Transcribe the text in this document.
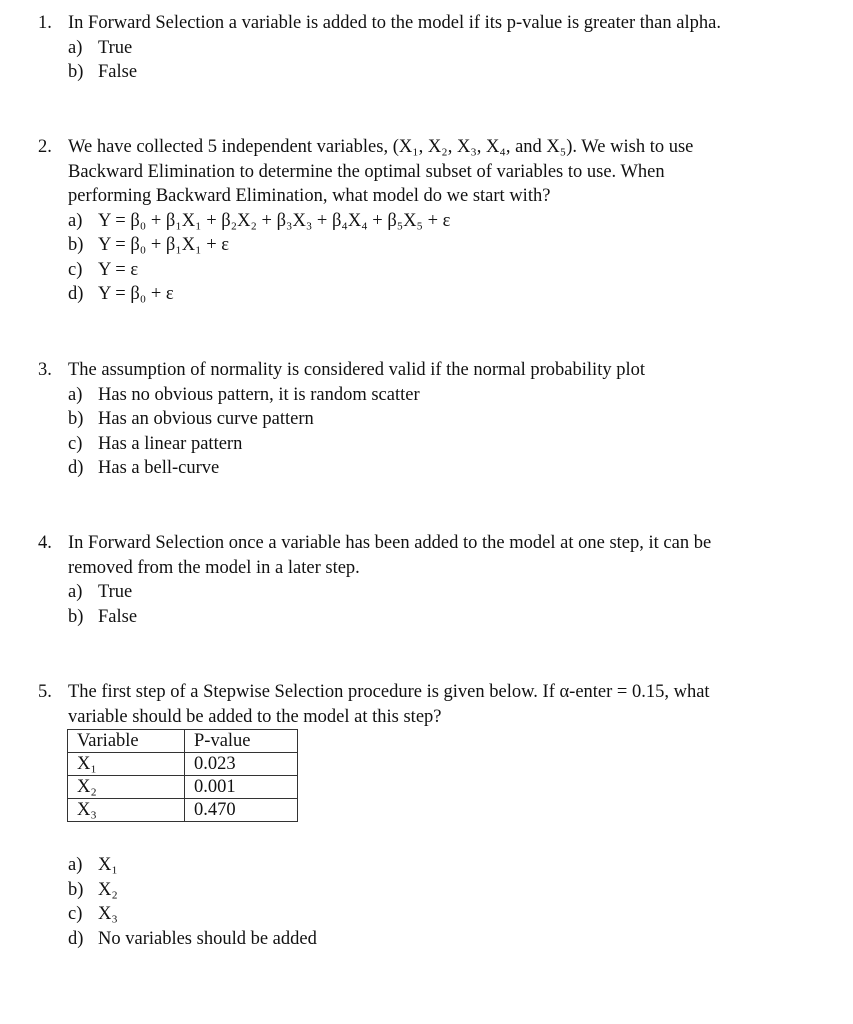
1. In Forward Selection a variable is added to the model if its p-value is greater than alpha.
a) True
b) False
2. We have collected 5 independent variables, (X₁, X₂, X₃, X₄, and X₅). We wish to use
Backward Elimination to determine the optimal subset of variables to use. When
performing Backward Elimination, what model do we start with?
a) Y = β₀ + β₁X₁ + β₂X₂ + β₃X₃ + β₄X₄ + β₅X₅ + ε
b) Y = β₀ + β₁X₁ + ε
c) Y = ε
d) Y = β₀ + ε
3. The assumption of normality is considered valid if the normal probability plot
a) Has no obvious pattern, it is random scatter
b) Has an obvious curve pattern
c) Has a linear pattern
d) Has a bell-curve
4. In Forward Selection once a variable has been added to the model at one step, it can be
removed from the model in a later step.
a) True
b) False
5. The first step of a Stepwise Selection procedure is given below. If α-enter = 0.15, what
variable should be added to the model at this step?
Variable	P-value
X₁	0.023
X₂	0.001
X₃	0.470
a) X₁
b) X₂
c) X₃
d) No variables should be added
